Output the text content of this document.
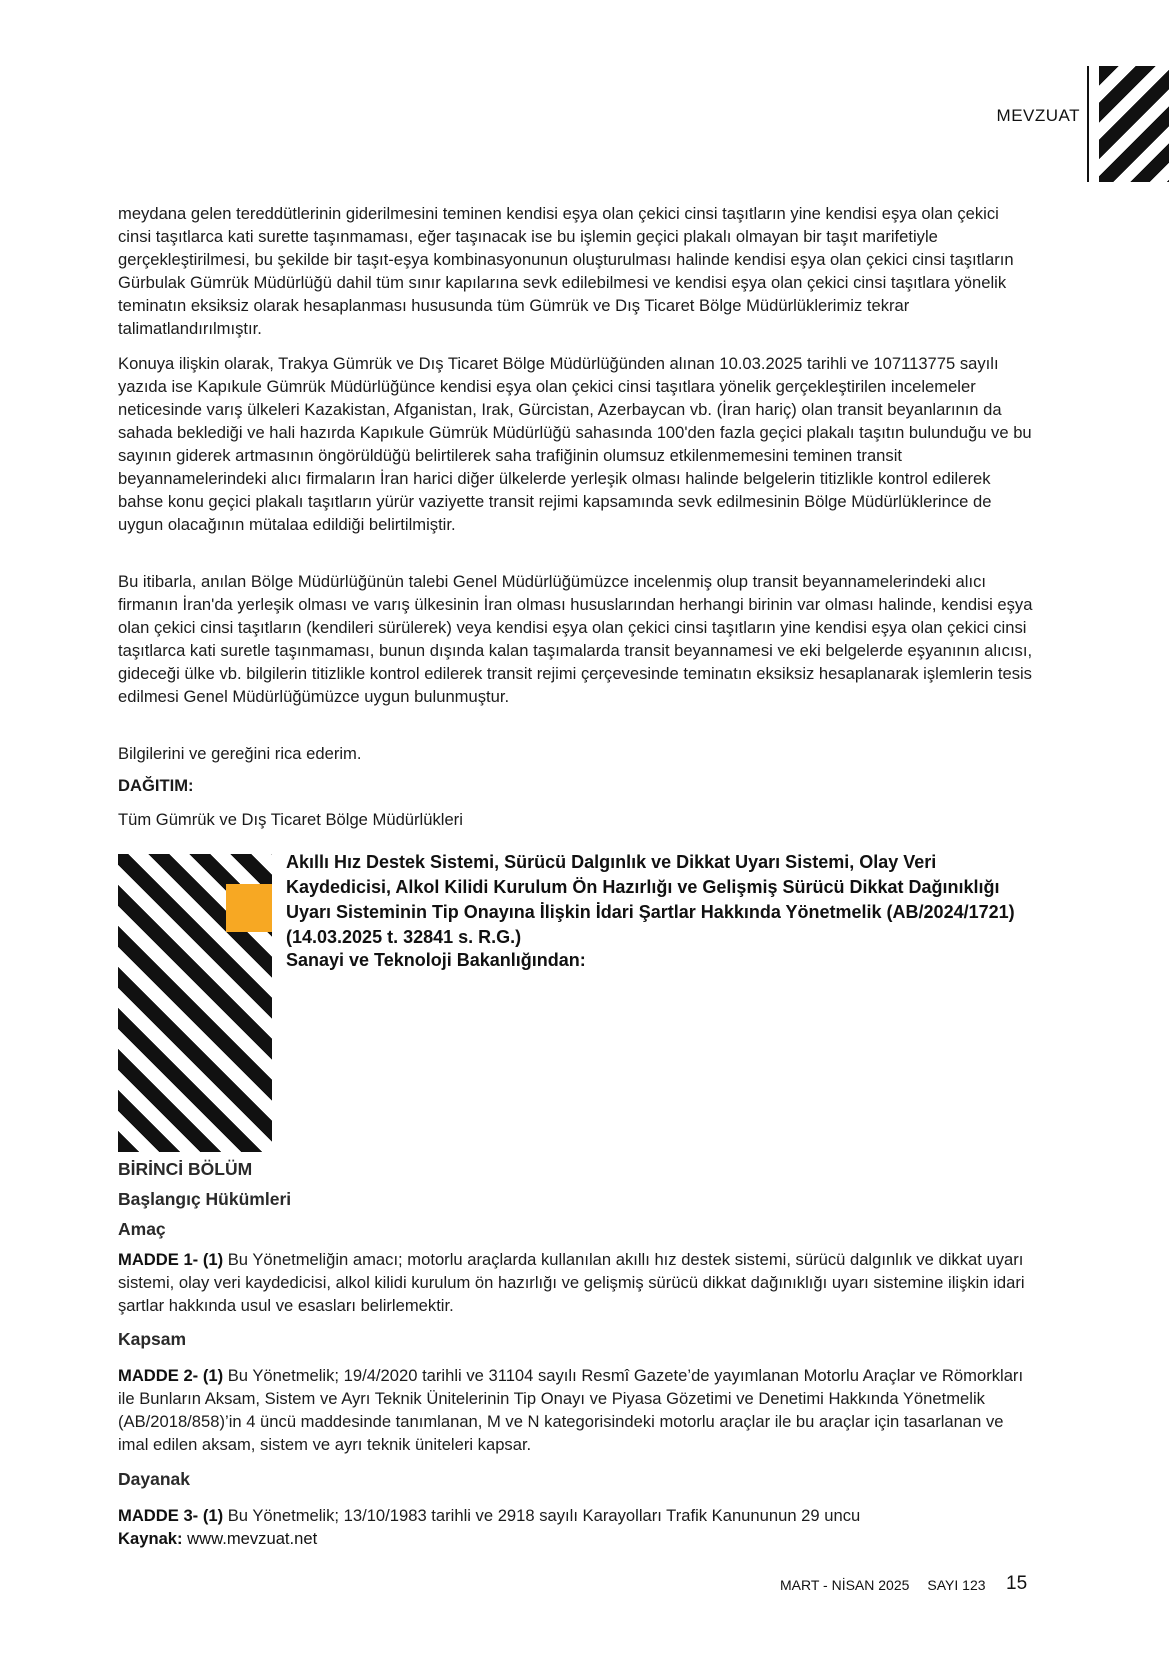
MEVZUAT

meydana gelen tereddütlerinin giderilmesini teminen kendisi eşya olan çekici cinsi taşıtların yine kendisi eşya olan çekici cinsi taşıtlarca kati surette taşınmaması, eğer taşınacak ise bu işlemin geçici plakalı olmayan bir taşıt marifetiyle gerçekleştirilmesi, bu şekilde bir taşıt-eşya kombinasyonunun oluşturulması halinde kendisi eşya olan çekici cinsi taşıtların Gürbulak Gümrük Müdürlüğü dahil tüm sınır kapılarına sevk edilebilmesi ve kendisi eşya olan çekici cinsi taşıtlara yönelik teminatın eksiksiz olarak hesaplanması hususunda tüm Gümrük ve Dış Ticaret Bölge Müdürlüklerimiz tekrar talimatlandırılmıştır.

Konuya ilişkin olarak, Trakya Gümrük ve Dış Ticaret Bölge Müdürlüğünden alınan 10.03.2025 tarihli ve 107113775 sayılı yazıda ise Kapıkule Gümrük Müdürlüğünce kendisi eşya olan çekici cinsi taşıtlara yönelik gerçekleştirilen incelemeler neticesinde varış ülkeleri Kazakistan, Afganistan, Irak, Gürcistan, Azerbaycan vb. (İran hariç) olan transit beyanlarının da sahada beklediği ve hali hazırda Kapıkule Gümrük Müdürlüğü sahasında 100'den fazla geçici plakalı taşıtın bulunduğu ve bu sayının giderek artmasının öngörüldüğü belirtilerek saha trafiğinin olumsuz etkilenmemesini teminen transit beyannamelerindeki alıcı firmaların İran harici diğer ülkelerde yerleşik olması halinde belgelerin titizlikle kontrol edilerek bahse konu geçici plakalı taşıtların yürür vaziyette transit rejimi kapsamında sevk edilmesinin Bölge Müdürlüklerince de uygun olacağının mütalaa edildiği belirtilmiştir.

Bu itibarla, anılan Bölge Müdürlüğünün talebi Genel Müdürlüğümüzce incelenmiş olup transit beyannamelerindeki alıcı firmanın İran'da yerleşik olması ve varış ülkesinin İran olması hususlarından herhangi birinin var olması halinde, kendisi eşya olan çekici cinsi taşıtların (kendileri sürülerek) veya kendisi eşya olan çekici cinsi taşıtların yine kendisi eşya olan çekici cinsi taşıtlarca kati suretle taşınmaması, bunun dışında kalan taşımalarda transit beyannamesi ve eki belgelerde eşyanının alıcısı, gideceği ülke vb. bilgilerin titizlikle kontrol edilerek transit rejimi çerçevesinde teminatın eksiksiz hesaplanarak işlemlerin tesis edilmesi Genel Müdürlüğümüzce uygun bulunmuştur.

Bilgilerini ve gereğini rica ederim.

DAĞITIM:
Tüm Gümrük ve Dış Ticaret Bölge Müdürlükleri
Akıllı Hız Destek Sistemi, Sürücü Dalgınlık ve Dikkat Uyarı Sistemi, Olay Veri Kaydedicisi, Alkol Kilidi Kurulum Ön Hazırlığı ve Gelişmiş Sürücü Dikkat Dağınıklığı Uyarı Sisteminin Tip Onayına İlişkin İdari Şartlar Hakkında Yönetmelik (AB/2024/1721) (14.03.2025 t. 32841 s. R.G.)
Sanayi ve Teknoloji Bakanlığından:
BİRİNCİ BÖLÜM
Başlangıç Hükümleri
Amaç

MADDE 1- (1) Bu Yönetmeliğin amacı; motorlu araçlarda kullanılan akıllı hız destek sistemi, sürücü dalgınlık ve dikkat uyarı sistemi, olay veri kaydedicisi, alkol kilidi kurulum ön hazırlığı ve gelişmiş sürücü dikkat dağınıklığı uyarı sistemine ilişkin idari şartlar hakkında usul ve esasları belirlemektir.

Kapsam

MADDE 2- (1) Bu Yönetmelik; 19/4/2020 tarihli ve 31104 sayılı Resmî Gazete’de yayımlanan Motorlu Araçlar ve Römorkları ile Bunların Aksam, Sistem ve Ayrı Teknik Ünitelerinin Tip Onayı ve Piyasa Gözetimi ve Denetimi Hakkında Yönetmelik (AB/2018/858)’in 4 üncü maddesinde tanımlanan, M ve N kategorisindeki motorlu araçlar ile bu araçlar için tasarlanan ve imal edilen aksam, sistem ve ayrı teknik üniteleri kapsar.

Dayanak

MADDE 3- (1) Bu Yönetmelik; 13/10/1983 tarihli ve 2918 sayılı Karayolları Trafik Kanununun 29 uncu

Kaynak: www.mevzuat.net
MART - NİSAN 2025 SAYI 123	15
